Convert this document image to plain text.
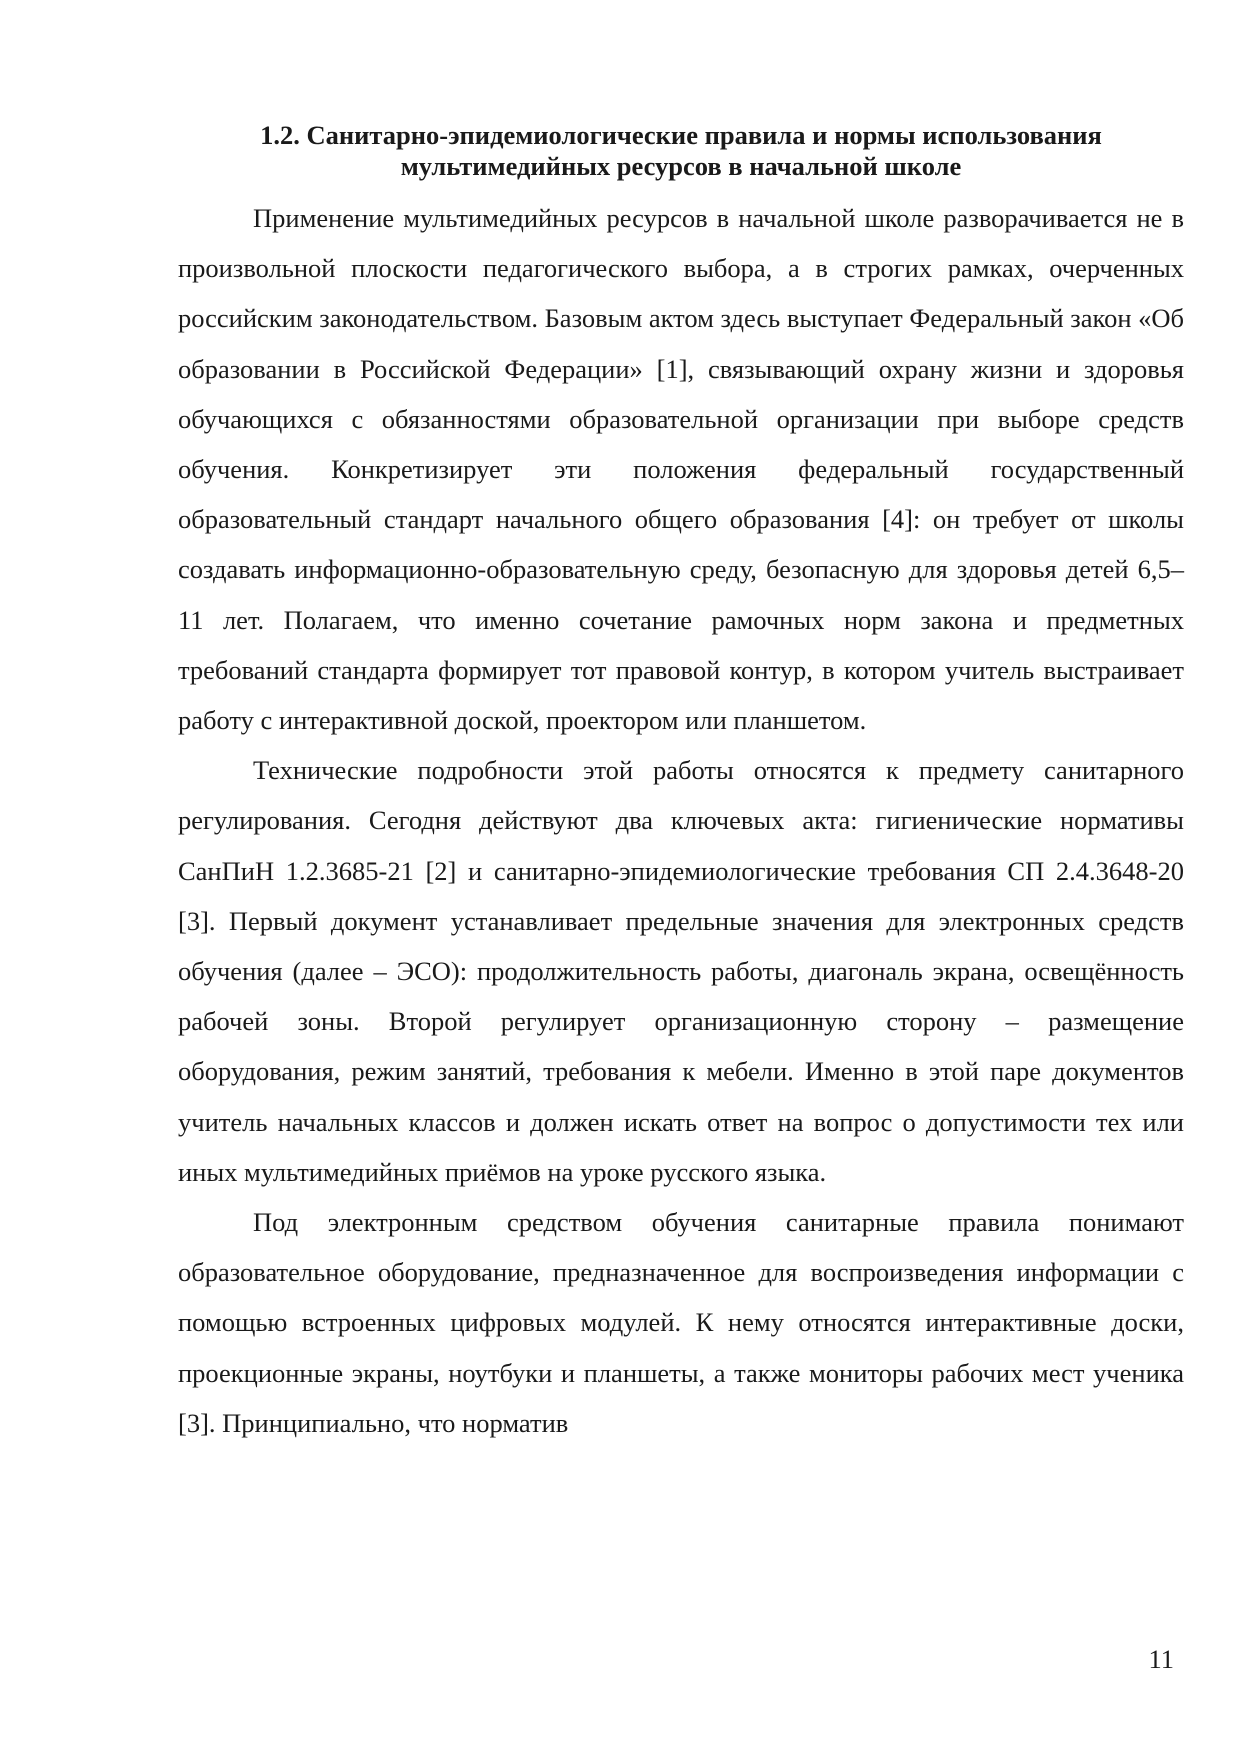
1.2. Санитарно-эпидемиологические правила и нормы использования
мультимедийных ресурсов в начальной школе

Применение мультимедийных ресурсов в начальной школе разворачивается не в произвольной плоскости педагогического выбора, а в строгих рамках, очерченных российским законодательством. Базовым актом здесь выступает Федеральный закон «Об образовании в Российской Федерации» [1], связывающий охрану жизни и здоровья обучающихся с обязанностями образовательной организации при выборе средств обучения. Конкретизирует эти положения федеральный государственный образовательный стандарт начального общего образования [4]: он требует от школы создавать информационно-образовательную среду, безопасную для здоровья детей 6,5–11 лет. Полагаем, что именно сочетание рамочных норм закона и предметных требований стандарта формирует тот правовой контур, в котором учитель выстраивает работу с интерактивной доской, проектором или планшетом.

Технические подробности этой работы относятся к предмету санитарного регулирования. Сегодня действуют два ключевых акта: гигиенические нормативы СанПиН 1.2.3685-21 [2] и санитарно-эпидемиологические требования СП 2.4.3648-20 [3]. Первый документ устанавливает предельные значения для электронных средств обучения (далее – ЭСО): продолжительность работы, диагональ экрана, освещённость рабочей зоны. Второй регулирует организационную сторону – размещение оборудования, режим занятий, требования к мебели. Именно в этой паре документов учитель начальных классов и должен искать ответ на вопрос о допустимости тех или иных мультимедийных приёмов на уроке русского языка.

Под электронным средством обучения санитарные правила понимают образовательное оборудование, предназначенное для воспроизведения информации с помощью встроенных цифровых модулей. К нему относятся интерактивные доски, проекционные экраны, ноутбуки и планшеты, а также мониторы рабочих мест ученика [3]. Принципиально, что норматив

11
